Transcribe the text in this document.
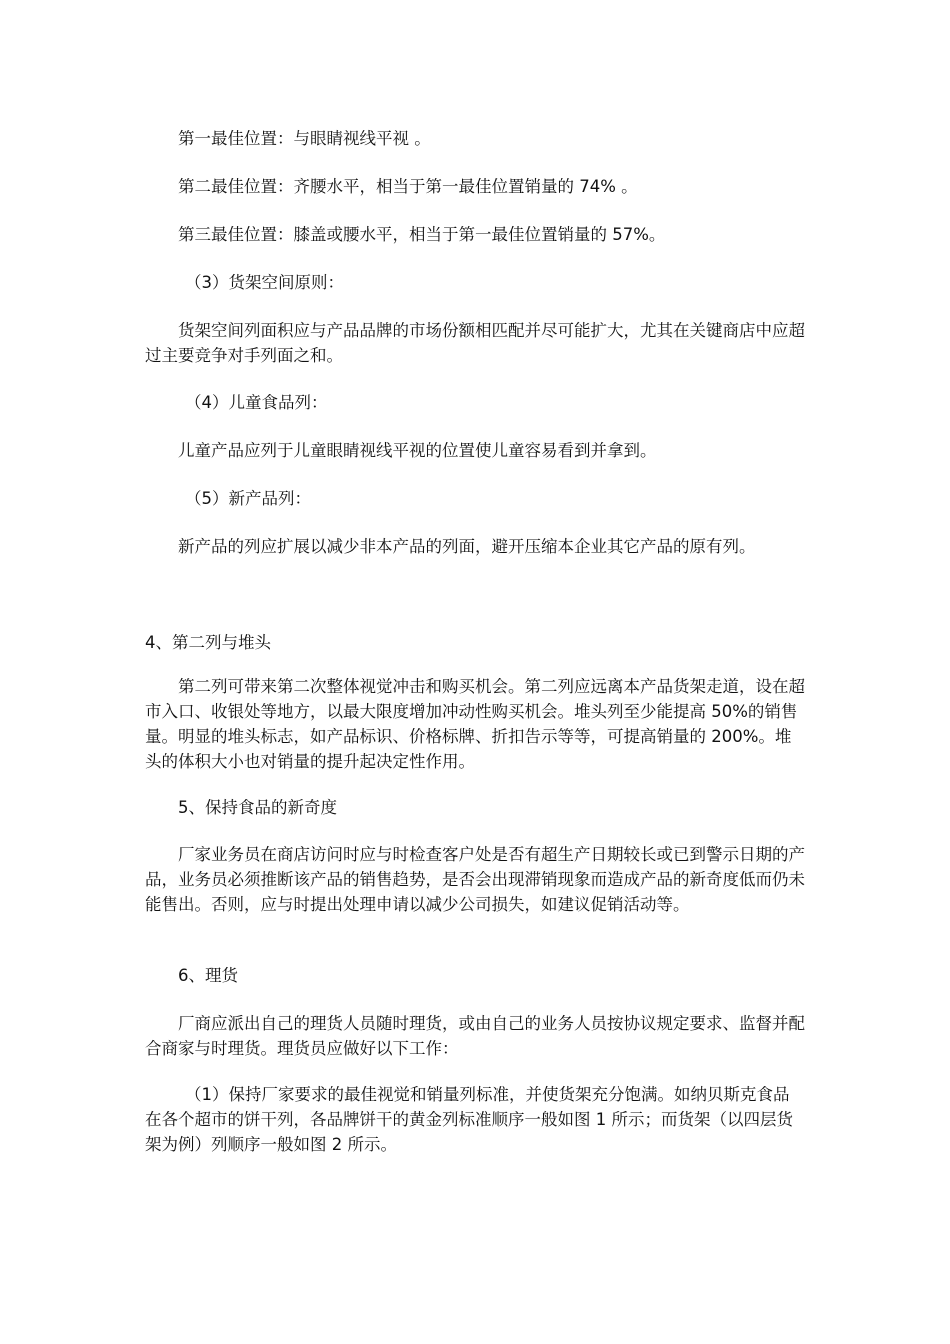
第一最佳位置：与眼睛视线平视 。

第二最佳位置：齐腰水平，相当于第一最佳位置销量的 74% 。

第三最佳位置：膝盖或腰水平，相当于第一最佳位置销量的 57%。

（3）货架空间原则：

货架空间列面积应与产品品牌的市场份额相匹配并尽可能扩大，尤其在关键商店中应超过主要竞争对手列面之和。

（4）儿童食品列：

儿童产品应列于儿童眼睛视线平视的位置使儿童容易看到并拿到。

（5）新产品列：

新产品的列应扩展以减少非本产品的列面，避开压缩本企业其它产品的原有列。

4、第二列与堆头

第二列可带来第二次整体视觉冲击和购买机会。第二列应远离本产品货架走道，设在超市入口、收银处等地方，以最大限度增加冲动性购买机会。堆头列至少能提高 50%的销售量。明显的堆头标志，如产品标识、价格标牌、折扣告示等等，可提高销量的 200%。堆头的体积大小也对销量的提升起决定性作用。

5、保持食品的新奇度

厂家业务员在商店访问时应与时检查客户处是否有超生产日期较长或已到警示日期的产品，业务员必须推断该产品的销售趋势，是否会出现滞销现象而造成产品的新奇度低而仍未能售出。否则，应与时提出处理申请以减少公司损失，如建议促销活动等。

6、理货

厂商应派出自己的理货人员随时理货，或由自己的业务人员按协议规定要求、监督并配合商家与时理货。理货员应做好以下工作：

（1）保持厂家要求的最佳视觉和销量列标准，并使货架充分饱满。如纳贝斯克食品在各个超市的饼干列，各品牌饼干的黄金列标准顺序一般如图 1 所示；而货架（以四层货架为例）列顺序一般如图 2 所示。
